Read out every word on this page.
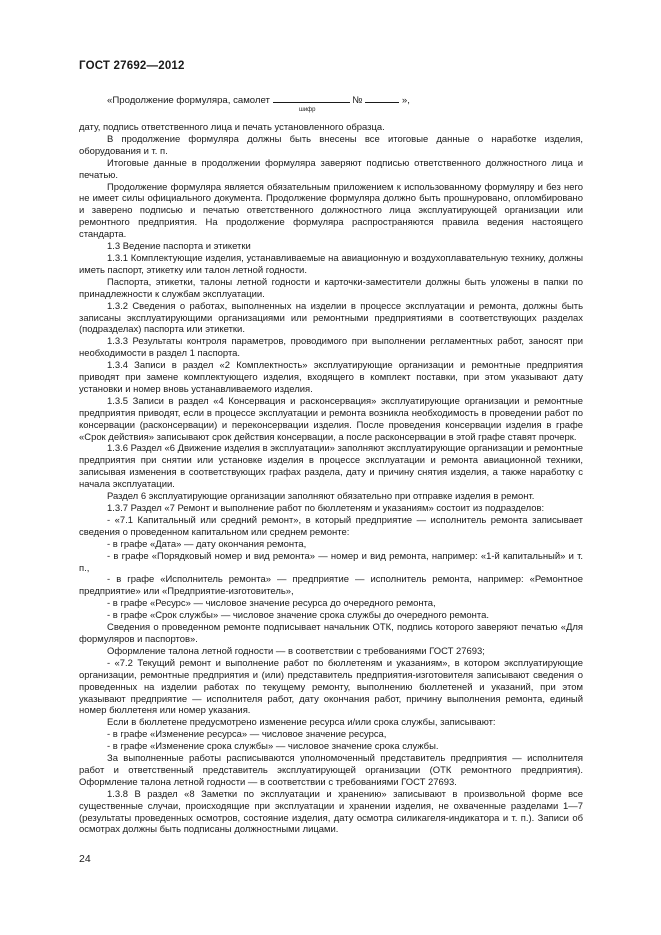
ГОСТ 27692—2012
«Продолжение формуляра, самолет	№	»,
шифр

дату, подпись ответственного лица и печать установленного образца.

В продолжение формуляра должны быть внесены все итоговые данные о наработке изделия, оборудования и т. п.

Итоговые данные в продолжении формуляра заверяют подписью ответственного должностного лица и печатью.

Продолжение формуляра является обязательным приложением к использованному формуляру и без него не имеет силы официального документа. Продолжение формуляра должно быть прошнуровано, опломбировано и заверено подписью и печатью ответственного должностного лица эксплуатирующей организации или ремонтного предприятия. На продолжение формуляра распространяются правила ведения настоящего стандарта.

1.3 Ведение паспорта и этикетки

1.3.1 Комплектующие изделия, устанавливаемые на авиационную и воздухоплавательную технику, должны иметь паспорт, этикетку или талон летной годности.

Паспорта, этикетки, талоны летной годности и карточки-заместители должны быть уложены в папки по принадлежности к службам эксплуатации.

1.3.2 Сведения о работах, выполненных на изделии в процессе эксплуатации и ремонта, должны быть записаны эксплуатирующими организациями или ремонтными предприятиями в соответствующих разделах (подразделах) паспорта или этикетки.

1.3.3 Результаты контроля параметров, проводимого при выполнении регламентных работ, заносят при необходимости в раздел 1 паспорта.

1.3.4 Записи в раздел «2 Комплектность» эксплуатирующие организации и ремонтные предприятия приводят при замене комплектующего изделия, входящего в комплект поставки, при этом указывают дату установки и номер вновь устанавливаемого изделия.

1.3.5 Записи в раздел «4 Консервация и расконсервация» эксплуатирующие организации и ремонтные предприятия приводят, если в процессе эксплуатации и ремонта возникла необходимость в проведении работ по консервации (расконсервации) и переконсервации изделия. После проведения консервации изделия в графе «Срок действия» записывают срок действия консервации, а после расконсервации в этой графе ставят прочерк.

1.3.6 Раздел «6 Движение изделия в эксплуатации» заполняют эксплуатирующие организации и ремонтные предприятия при снятии или установке изделия в процессе эксплуатации и ремонта авиационной техники, записывая изменения в соответствующих графах раздела, дату и причину снятия изделия, а также наработку с начала эксплуатации.

Раздел 6 эксплуатирующие организации заполняют обязательно при отправке изделия в ремонт.

1.3.7 Раздел «7 Ремонт и выполнение работ по бюллетеням и указаниям» состоит из подразделов:

- «7.1 Капитальный или средний ремонт», в который предприятие — исполнитель ремонта записывает сведения о проведенном капитальном или среднем ремонте:

- в графе «Дата» — дату окончания ремонта,

- в графе «Порядковый номер и вид ремонта» — номер и вид ремонта, например: «1-й капитальный» и т. п.,

- в графе «Исполнитель ремонта» — предприятие — исполнитель ремонта, например: «Ремонтное предприятие» или «Предприятие-изготовитель»,

- в графе «Ресурс» — числовое значение ресурса до очередного ремонта,

- в графе «Срок службы» — числовое значение срока службы до очередного ремонта.

Сведения о проведенном ремонте подписывает начальник ОТК, подпись которого заверяют печатью «Для формуляров и паспортов».

Оформление талона летной годности — в соответствии с требованиями ГОСТ 27693;

- «7.2 Текущий ремонт и выполнение работ по бюллетеням и указаниям», в котором эксплуатирующие организации, ремонтные предприятия и (или) представитель предприятия-изготовителя записывают сведения о проведенных на изделии работах по текущему ремонту, выполнению бюллетеней и указаний, при этом указывают предприятие — исполнителя работ, дату окончания работ, причину выполнения ремонта, единый номер бюллетеня или номер указания.

Если в бюллетене предусмотрено изменение ресурса и/или срока службы, записывают:

- в графе «Изменение ресурса» — числовое значение ресурса,

- в графе «Изменение срока службы» — числовое значение срока службы.

За выполненные работы расписываются уполномоченный представитель предприятия — исполнителя работ и ответственный представитель эксплуатирующей организации (ОТК ремонтного предприятия). Оформление талона летной годности — в соответствии с требованиями ГОСТ 27693.

1.3.8 В раздел «8 Заметки по эксплуатации и хранению» записывают в произвольной форме все существенные случаи, происходящие при эксплуатации и хранении изделия, не охваченные разделами 1—7 (результаты проведенных осмотров, состояние изделия, дату осмотра силикагеля-индикатора и т. п.). Записи об осмотрах должны быть подписаны должностными лицами.

24
